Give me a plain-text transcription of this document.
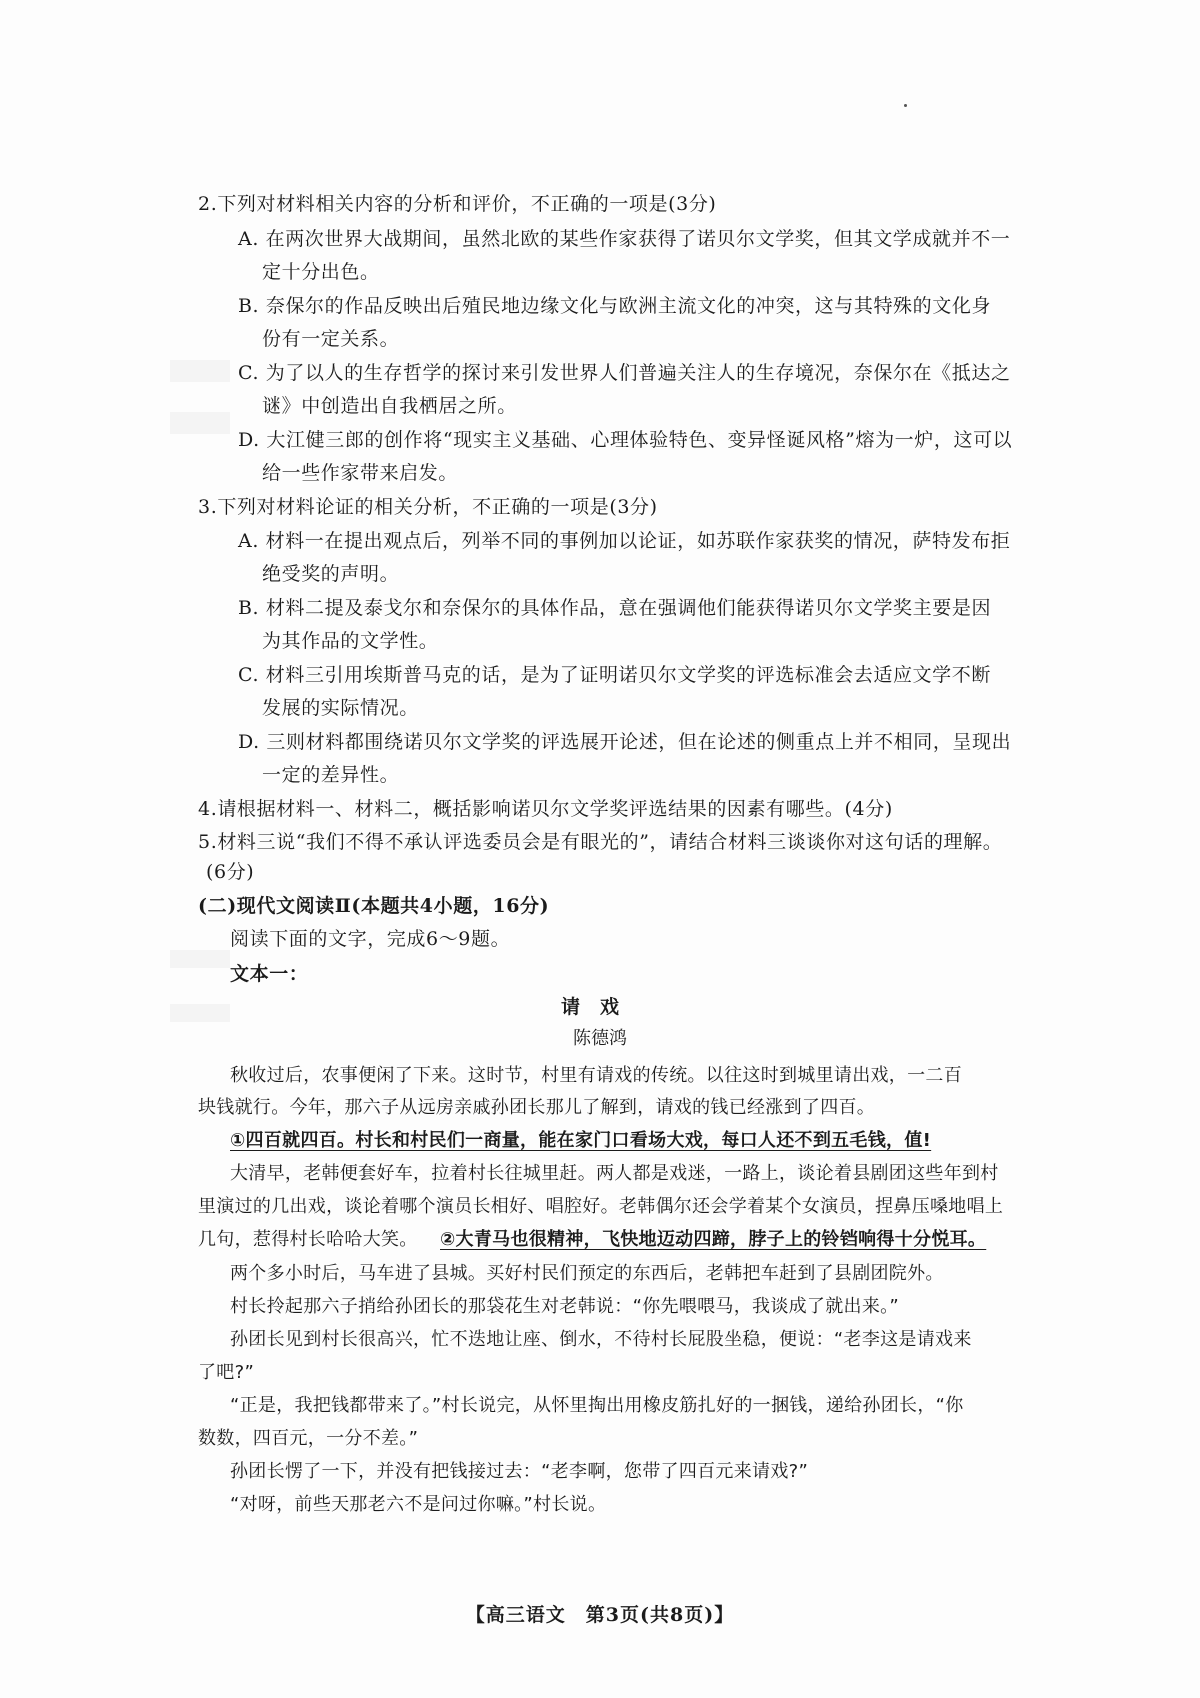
2.下列对材料相关内容的分析和评价，不正确的一项是(3分)
A. 在两次世界大战期间，虽然北欧的某些作家获得了诺贝尔文学奖，但其文学成就并不一
定十分出色。
B. 奈保尔的作品反映出后殖民地边缘文化与欧洲主流文化的冲突，这与其特殊的文化身
份有一定关系。
C. 为了以人的生存哲学的探讨来引发世界人们普遍关注人的生存境况，奈保尔在《抵达之
谜》中创造出自我栖居之所。
D. 大江健三郎的创作将“现实主义基础、心理体验特色、变异怪诞风格”熔为一炉，这可以
给一些作家带来启发。
3.下列对材料论证的相关分析，不正确的一项是(3分)
A. 材料一在提出观点后，列举不同的事例加以论证，如苏联作家获奖的情况，萨特发布拒
绝受奖的声明。
B. 材料二提及泰戈尔和奈保尔的具体作品，意在强调他们能获得诺贝尔文学奖主要是因
为其作品的文学性。
C. 材料三引用埃斯普马克的话，是为了证明诺贝尔文学奖的评选标准会去适应文学不断
发展的实际情况。
D. 三则材料都围绕诺贝尔文学奖的评选展开论述，但在论述的侧重点上并不相同，呈现出
一定的差异性。
4.请根据材料一、材料二，概括影响诺贝尔文学奖评选结果的因素有哪些。(4分)
5.材料三说“我们不得不承认评选委员会是有眼光的”，请结合材料三谈谈你对这句话的理解。
(6分)
(二)现代文阅读Ⅱ(本题共4小题，16分)
阅读下面的文字，完成6～9题。
文本一：
请戏
陈德鸿
秋收过后，农事便闲了下来。这时节，村里有请戏的传统。以往这时到城里请出戏，一二百
块钱就行。今年，那六子从远房亲戚孙团长那儿了解到，请戏的钱已经涨到了四百。
①四百就四百。村长和村民们一商量，能在家门口看场大戏，每口人还不到五毛钱，值!
大清早，老韩便套好车，拉着村长往城里赶。两人都是戏迷，一路上，谈论着县剧团这些年到村
里演过的几出戏，谈论着哪个演员长相好、唱腔好。老韩偶尔还会学着某个女演员，捏鼻压嗓地唱上
几句，惹得村长哈哈大笑。 ②大青马也很精神，飞快地迈动四蹄，脖子上的铃铛响得十分悦耳。
两个多小时后，马车进了县城。买好村民们预定的东西后，老韩把车赶到了县剧团院外。
村长拎起那六子捎给孙团长的那袋花生对老韩说：“你先喂喂马，我谈成了就出来。”
孙团长见到村长很高兴，忙不迭地让座、倒水，不待村长屁股坐稳，便说：“老李这是请戏来
了吧?”
【高三语文　第3页(共8页)】
“正是，我把钱都带来了。”村长说完，从怀里掏出用橡皮筋扎好的一捆钱，递给孙团长，“你
数数，四百元，一分不差。”
孙团长愣了一下，并没有把钱接过去：“老李啊，您带了四百元来请戏?”
“对呀，前些天那老六不是问过你嘛。”村长说。
